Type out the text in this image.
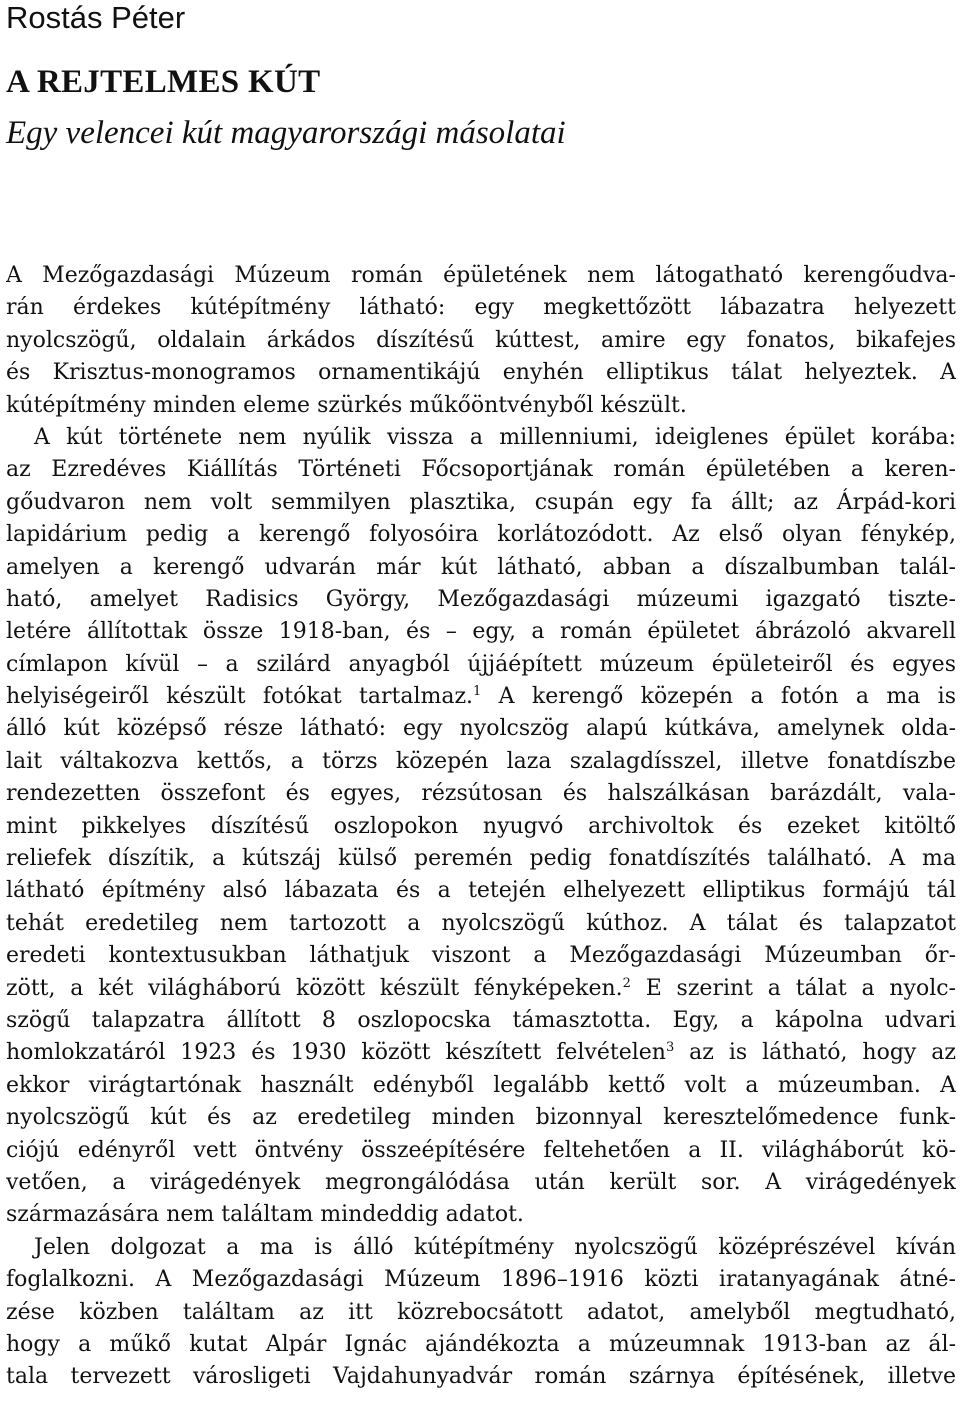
Rostás Péter
A REJTELMES KÚT
Egy velencei kút magyarországi másolatai
A Mezőgazdasági Múzeum román épületének nem látogatható kerengőudva-
rán érdekes kútépítmény látható: egy megkettőzött lábazatra helyezett
nyolcszögű, oldalain árkádos díszítésű kúttest, amire egy fonatos, bikafejes
és Krisztus-monogramos ornamentikájú enyhén elliptikus tálat helyeztek. A
kútépítmény minden eleme szürkés műkőöntvényből készült.
A kút története nem nyúlik vissza a millenniumi, ideiglenes épület korába:
az Ezredéves Kiállítás Történeti Főcsoportjának román épületében a keren-
gőudvaron nem volt semmilyen plasztika, csupán egy fa állt; az Árpád-kori
lapidárium pedig a kerengő folyosóira korlátozódott. Az első olyan fénykép,
amelyen a kerengő udvarán már kút látható, abban a díszalbumban talál-
ható, amelyet Radisics György, Mezőgazdasági múzeumi igazgató tiszte-
letére állítottak össze 1918-ban, és – egy, a román épületet ábrázoló akvarell
címlapon kívül – a szilárd anyagból újjáépített múzeum épületeiről és egyes
helyiségeiről készült fotókat tartalmaz.$^1$ A kerengő közepén a fotón a ma is
álló kút középső része látható: egy nyolcszög alapú kútkáva, amelynek olda-
lait váltakozva kettős, a törzs közepén laza szalagdísszel, illetve fonatdíszbe
rendezetten összefont és egyes, rézsútosan és halszálkásan barázdált, vala-
mint pikkelyes díszítésű oszlopokon nyugvó archivoltok és ezeket kitöltő
reliefek díszítik, a kútszáj külső peremén pedig fonatdíszítés található. A ma
látható építmény alsó lábazata és a tetején elhelyezett elliptikus formájú tál
tehát eredetileg nem tartozott a nyolcszögű kúthoz. A tálat és talapzatot
eredeti kontextusukban láthatjuk viszont a Mezőgazdasági Múzeumban őr-
zött, a két világháború között készült fényképeken.$^2$ E szerint a tálat a nyolc-
szögű talapzatra állított 8 oszlopocska támasztotta. Egy, a kápolna udvari
homlokzatáról 1923 és 1930 között készített felvételen$^3$ az is látható, hogy az
ekkor virágtartónak használt edényből legalább kettő volt a múzeumban. A
nyolcszögű kút és az eredetileg minden bizonnyal keresztelőmedence funk-
ciójú edényről vett öntvény összeépítésére feltehetően a II. világháborút kö-
vetően, a virágedények megrongálódása után került sor. A virágedények
származására nem találtam mindeddig adatot.
Jelen dolgozat a ma is álló kútépítmény nyolcszögű középrészével kíván
foglalkozni. A Mezőgazdasági Múzeum 1896–1916 közti iratanyagának átné-
zése közben találtam az itt közrebocsátott adatot, amelyből megtudható,
hogy a műkő kutat Alpár Ignác ajándékozta a múzeumnak 1913-ban az ál-
tala tervezett városligeti Vajdahunyadvár román szárnya építésének, illetve
